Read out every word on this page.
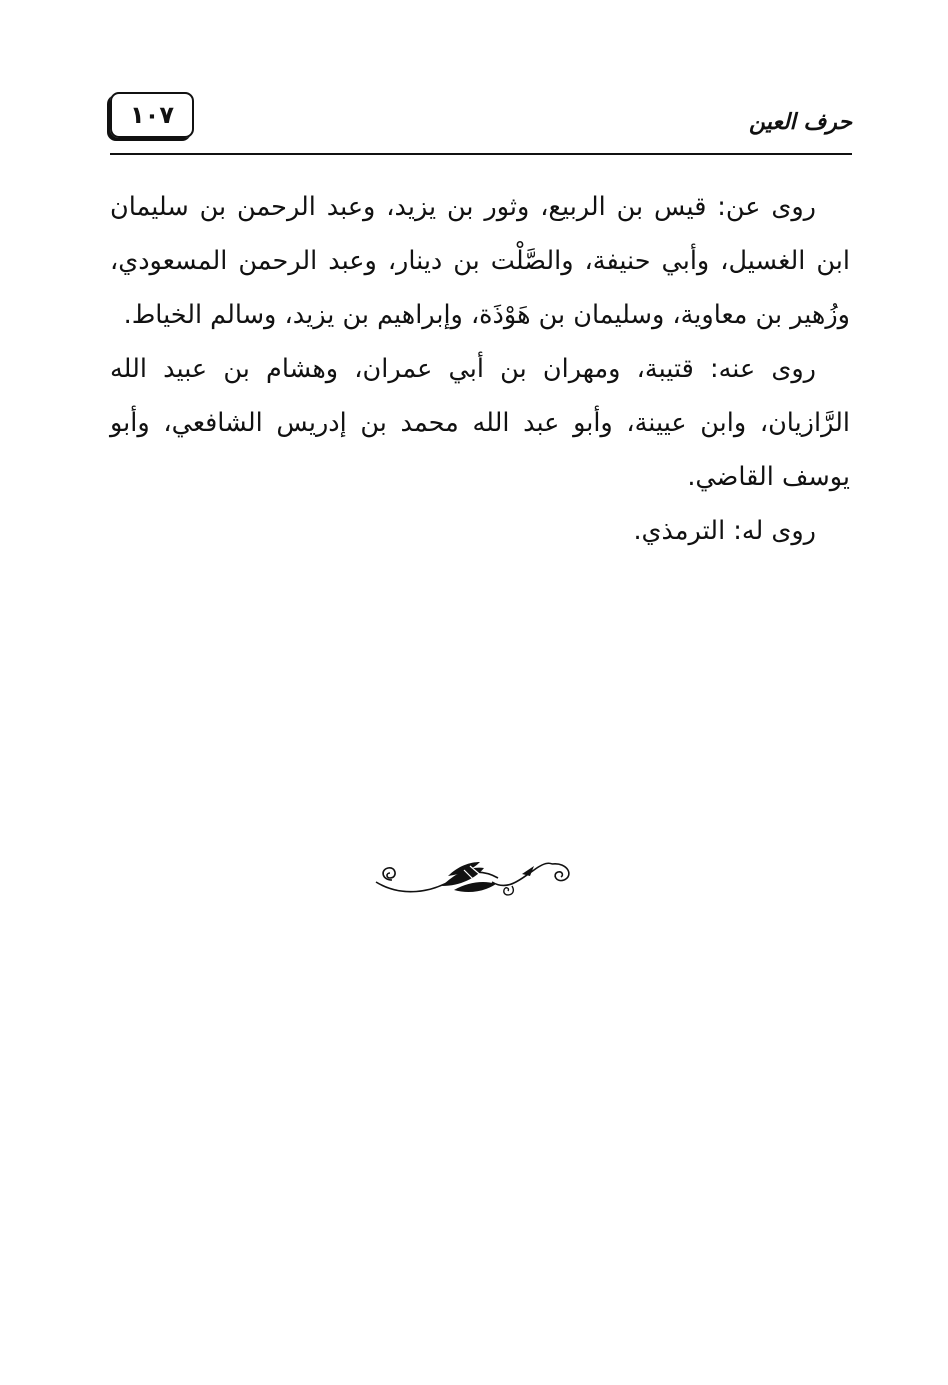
١٠٧	حرف العين

روى عن: قيس بن الربيع، وثور بن يزيد، وعبد الرحمن بن سليمان ابن الغسيل، وأبي حنيفة، والصَّلْت بن دينار، وعبد الرحمن المسعودي، وزُهير بن معاوية، وسليمان بن هَوْذَة، وإبراهيم بن يزيد، وسالم الخياط.

روى عنه: قتيبة، ومهران بن أبي عمران، وهشام بن عبيد الله الرَّازيان، وابن عيينة، وأبو عبد الله محمد بن إدريس الشافعي، وأبو يوسف القاضي.

روى له: الترمذي.
